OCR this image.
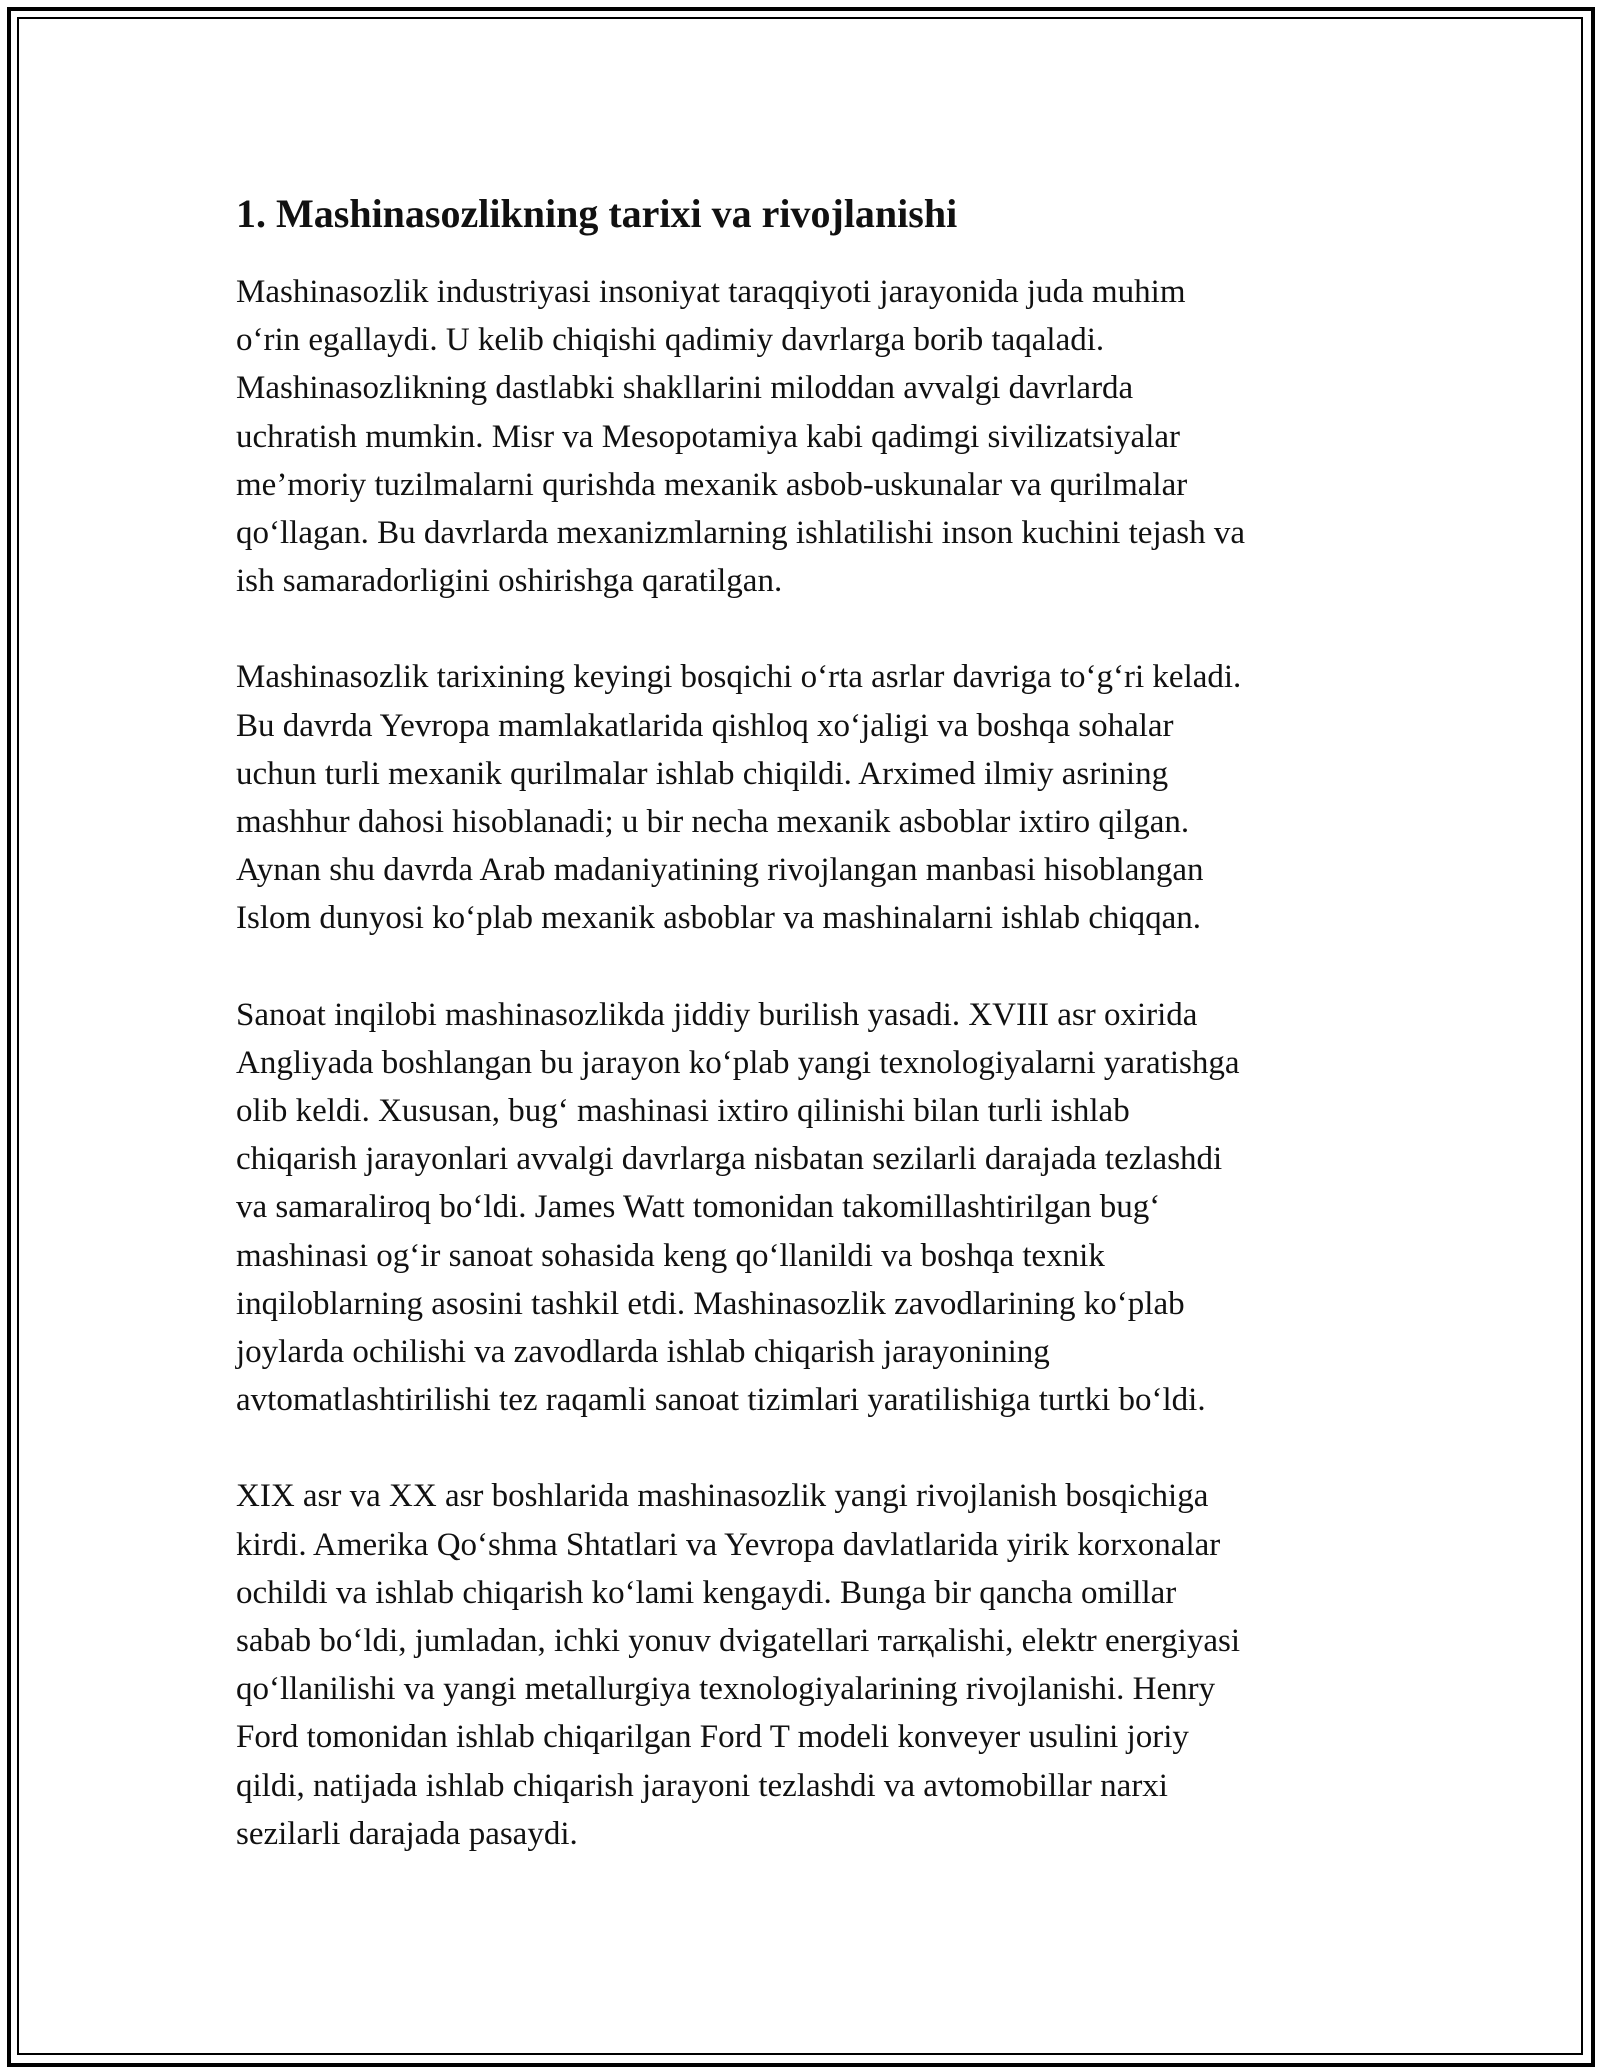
1. Mashinasozlikning tarixi va rivojlanishi

Mashinasozlik industriyasi insoniyat taraqqiyoti jarayonida juda muhim
o‘rin egallaydi. U kelib chiqishi qadimiy davrlarga borib taqaladi.
Mashinasozlikning dastlabki shakllarini miloddan avvalgi davrlarda
uchratish mumkin. Misr va Mesopotamiya kabi qadimgi sivilizatsiyalar
me’moriy tuzilmalarni qurishda mexanik asbob-uskunalar va qurilmalar
qo‘llagan. Bu davrlarda mexanizmlarning ishlatilishi inson kuchini tejash va
ish samaradorligini oshirishga qaratilgan.

Mashinasozlik tarixining keyingi bosqichi o‘rta asrlar davriga to‘g‘ri keladi.
Bu davrda Yevropa mamlakatlarida qishloq xo‘jaligi va boshqa sohalar
uchun turli mexanik qurilmalar ishlab chiqildi. Arximed ilmiy asrining
mashhur dahosi hisoblanadi; u bir necha mexanik asboblar ixtiro qilgan.
Aynan shu davrda Arab madaniyatining rivojlangan manbasi hisoblangan
Islom dunyosi ko‘plab mexanik asboblar va mashinalarni ishlab chiqqan.

Sanoat inqilobi mashinasozlikda jiddiy burilish yasadi. XVIII asr oxirida
Angliyada boshlangan bu jarayon ko‘plab yangi texnologiyalarni yaratishga
olib keldi. Xususan, bug‘ mashinasi ixtiro qilinishi bilan turli ishlab
chiqarish jarayonlari avvalgi davrlarga nisbatan sezilarli darajada tezlashdi
va samaraliroq bo‘ldi. James Watt tomonidan takomillashtirilgan bug‘
mashinasi og‘ir sanoat sohasida keng qo‘llanildi va boshqa texnik
inqiloblarning asosini tashkil etdi. Mashinasozlik zavodlarining ko‘plab
joylarda ochilishi va zavodlarda ishlab chiqarish jarayonining
avtomatlashtirilishi tez raqamli sanoat tizimlari yaratilishiga turtki bo‘ldi.

XIX asr va XX asr boshlarida mashinasozlik yangi rivojlanish bosqichiga
kirdi. Amerika Qo‘shma Shtatlari va Yevropa davlatlarida yirik korxonalar
ochildi va ishlab chiqarish ko‘lami kengaydi. Bunga bir qancha omillar
sabab bo‘ldi, jumladan, ichki yonuv dvigatellari тarқalishi, elektr energiyasi
qo‘llanilishi va yangi metallurgiya texnologiyalarining rivojlanishi. Henry
Ford tomonidan ishlab chiqarilgan Ford T modeli konveyer usulini joriy
qildi, natijada ishlab chiqarish jarayoni tezlashdi va avtomobillar narxi
sezilarli darajada pasaydi.
